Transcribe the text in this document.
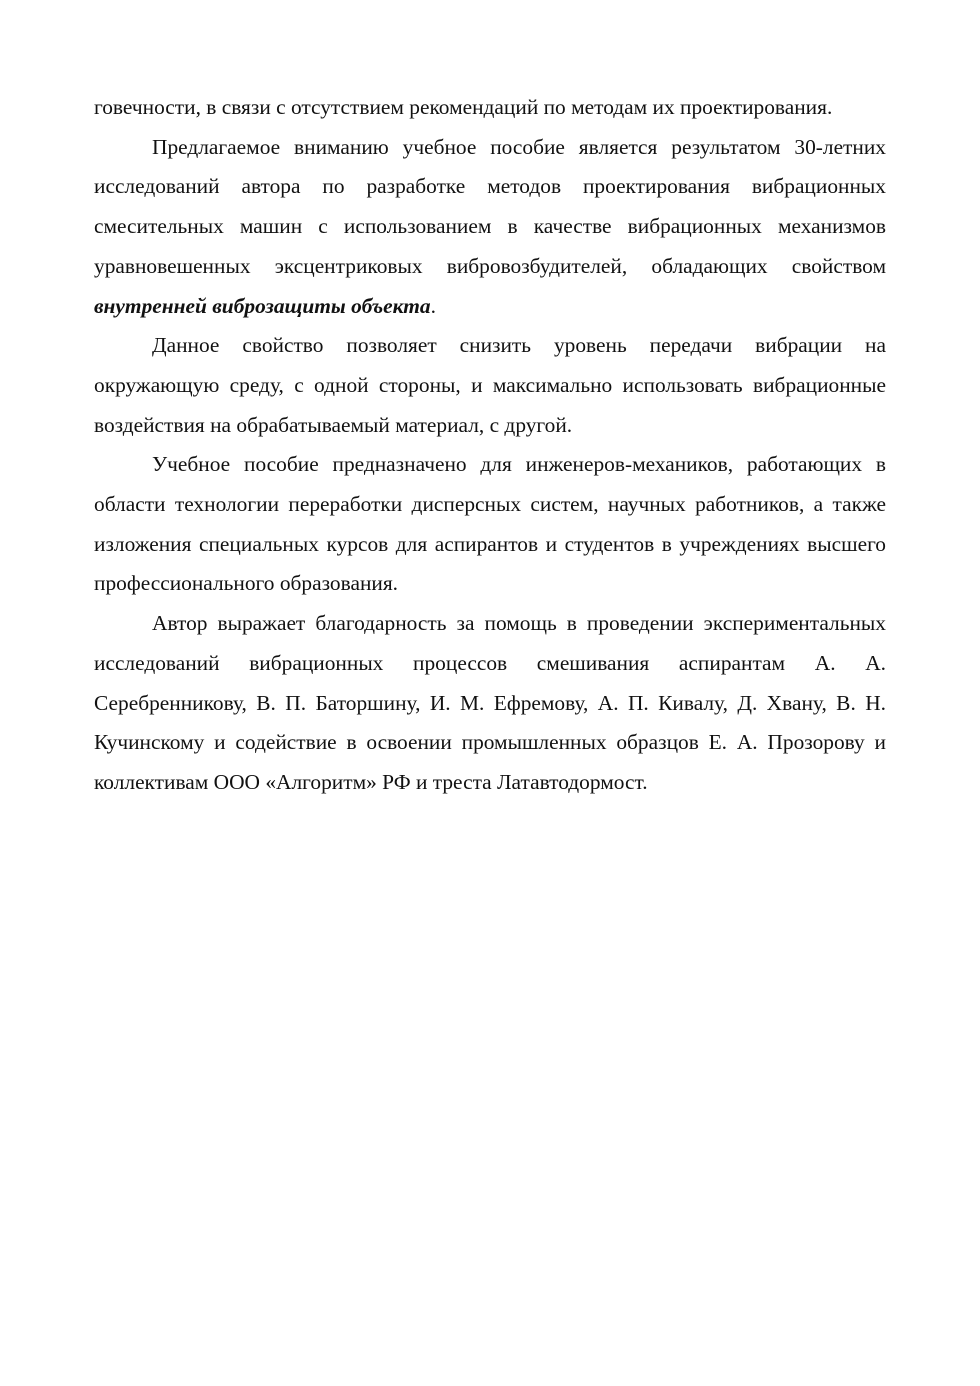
говечности, в связи с отсутствием рекомендаций по методам их проектирования.

Предлагаемое вниманию учебное пособие является результатом 30-летних исследований автора по разработке методов проектирования вибрационных смесительных машин с использованием в качестве вибрационных механизмов уравновешенных эксцентриковых вибровозбудителей, обладающих свойством внутренней виброзащиты объекта.

Данное свойство позволяет снизить уровень передачи вибрации на окружающую среду, с одной стороны, и максимально использовать вибрационные воздействия на обрабатываемый материал, с другой.

Учебное пособие предназначено для инженеров-механиков, работающих в области технологии переработки дисперсных систем, научных работников, а также изложения специальных курсов для аспирантов и студентов в учреждениях высшего профессионального образования.

Автор выражает благодарность за помощь в проведении экспериментальных исследований вибрационных процессов смешивания аспирантам А. А. Серебренникову, В. П. Батоpшину, И. М. Ефремову, А. П. Кивалу, Д. Хвану, В. Н. Кучинскому и содействие в освоении промышленных образцов Е. А. Прозорову и коллективам ООО «Алгоритм» РФ и треста Латавтодормост.
